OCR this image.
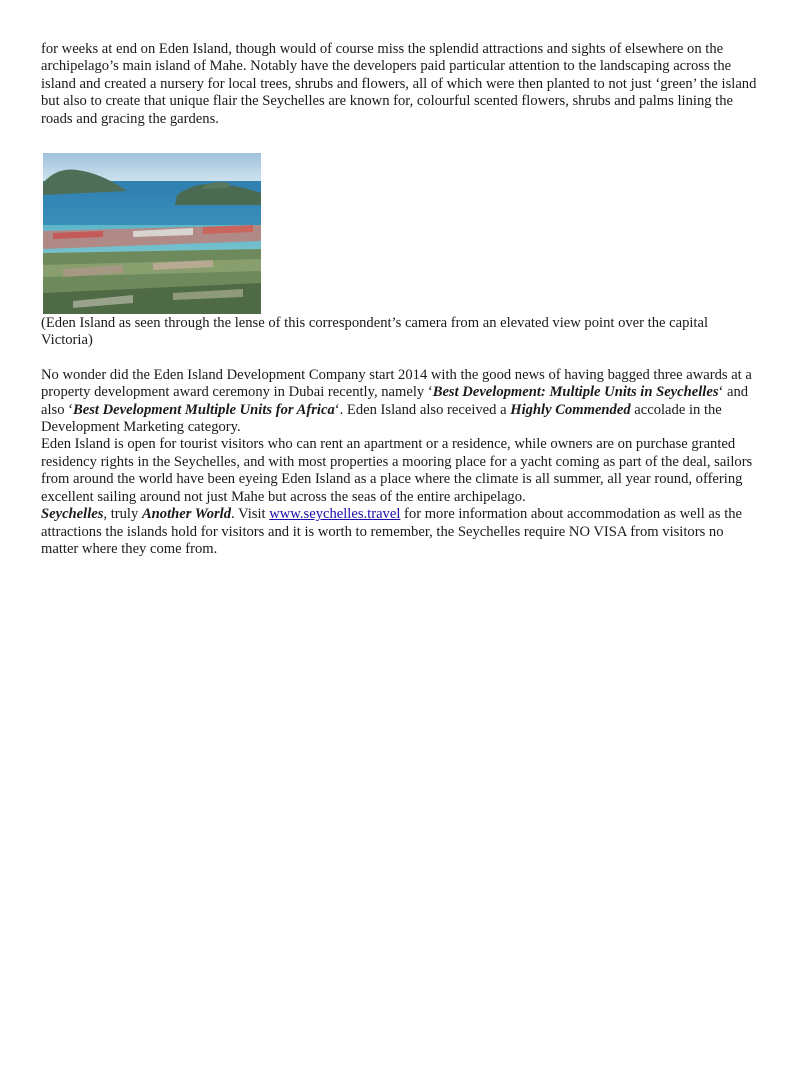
for weeks at end on Eden Island, though would of course miss the splendid attractions and sights of elsewhere on the archipelago’s main island of Mahe. Notably have the developers paid particular attention to the landscaping across the island and created a nursery for local trees, shrubs and flowers, all of which were then planted to not just ‘green’ the island but also to create that unique flair the Seychelles are known for, colourful scented flowers, shrubs and palms lining the roads and gracing the gardens.

(Eden Island as seen through the lense of this correspondent’s camera from an elevated view point over the capital Victoria)

No wonder did the Eden Island Development Company start 2014 with the good news of having bagged three awards at a property development award ceremony in Dubai recently, namely ‘Best Development: Multiple Units in Seychelles‘ and also ‘Best Development Multiple Units for Africa‘. Eden Island also received a Highly Commended accolade in the Development Marketing category.

Eden Island is open for tourist visitors who can rent an apartment or a residence, while owners are on purchase granted residency rights in the Seychelles, and with most properties a mooring place for a yacht coming as part of the deal, sailors from around the world have been eyeing Eden Island as a place where the climate is all summer, all year round, offering excellent sailing around not just Mahe but across the seas of the entire archipelago.

Seychelles, truly Another World. Visit www.seychelles.travel for more information about accommodation as well as the attractions the islands hold for visitors and it is worth to remember, the Seychelles require NO VISA from visitors no matter where they come from.
